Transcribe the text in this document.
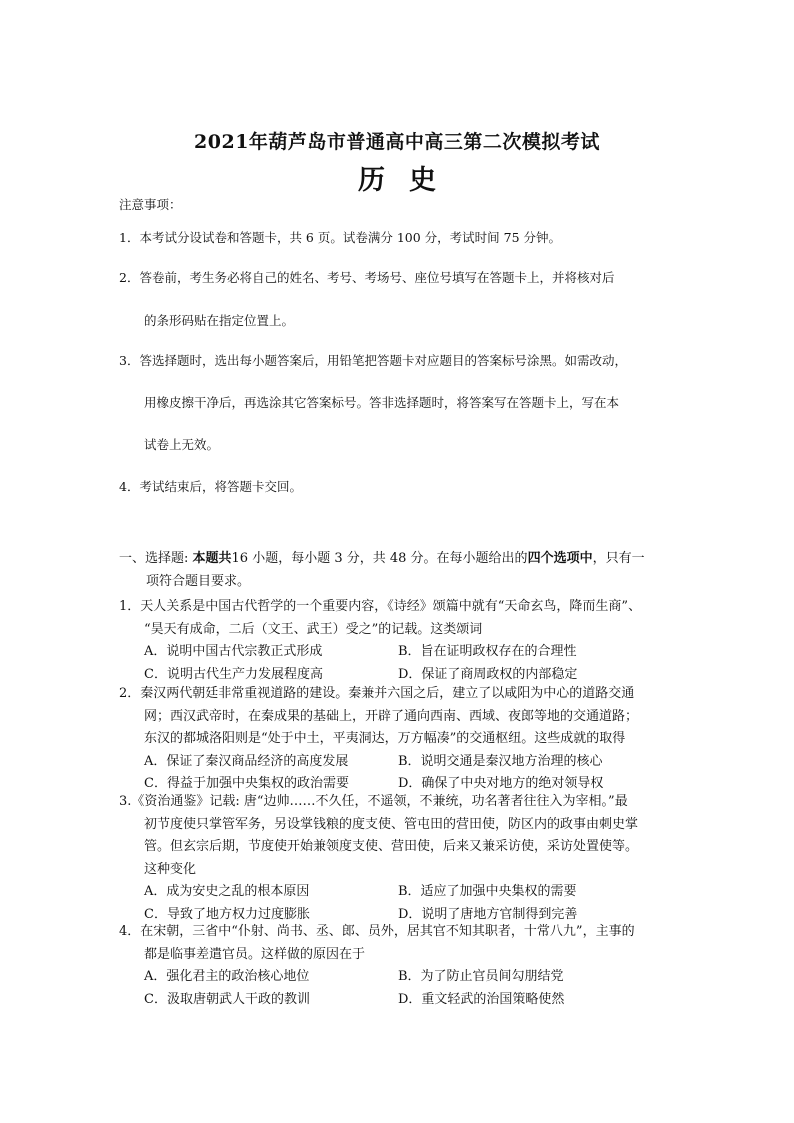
2021年葫芦岛市普通高中高三第二次模拟考试
历史
注意事项：
1．本考试分设试卷和答题卡，共 6 页。试卷满分 100 分，考试时间 75 分钟。
2．答卷前，考生务必将自己的姓名、考号、考场号、座位号填写在答题卡上，并将核对后
的条形码贴在指定位置上。
3．答选择题时，选出每小题答案后，用铅笔把答题卡对应题目的答案标号涂黑。如需改动，
用橡皮擦干净后，再选涂其它答案标号。答非选择题时，将答案写在答题卡上，写在本
试卷上无效。
4．考试结束后，将答题卡交回。
一、选择题: 本题共16 小题，每小题 3 分，共 48 分。在每小题给出的四个选项中，只有一
项符合题目要求。
1．天人关系是中国古代哲学的一个重要内容，《诗经》颂篇中就有“天命玄鸟，降而生商”、
“昊天有成命，二后（文王、武王）受之”的记载。这类颂词
A．说明中国古代宗教正式形成	B．旨在证明政权存在的合理性
C．说明古代生产力发展程度高	D．保证了商周政权的内部稳定
2．秦汉两代朝廷非常重视道路的建设。秦兼并六国之后，建立了以咸阳为中心的道路交通
网；西汉武帝时，在秦成果的基础上，开辟了通向西南、西域、夜郎等地的交通道路；
东汉的都城洛阳则是“处于中土，平夷洞达，万方幅凑”的交通枢纽。这些成就的取得
A．保证了秦汉商品经济的高度发展	B．说明交通是秦汉地方治理的核心
C．得益于加强中央集权的政治需要	D．确保了中央对地方的绝对领导权
3.《资治通鉴》记载: 唐“边帅……不久任，不遥领，不兼统，功名著者往往入为宰相。”最
初节度使只掌管军务，另设掌钱粮的度支使、管屯田的营田使，防区内的政事由刺史掌
管。但玄宗后期，节度使开始兼领度支使、营田使，后来又兼采访使，采访处置使等。
这种变化
A．成为安史之乱的根本原因	B．适应了加强中央集权的需要
C．导致了地方权力过度膨胀	D．说明了唐地方官制得到完善
4．在宋朝，三省中“仆射、尚书、丞、郎、员外，居其官不知其职者，十常八九”，主事的
都是临事差遣官员。这样做的原因在于
A．强化君主的政治核心地位	B．为了防止官员间勾朋结党
C．汲取唐朝武人干政的教训	D．重文轻武的治国策略使然
